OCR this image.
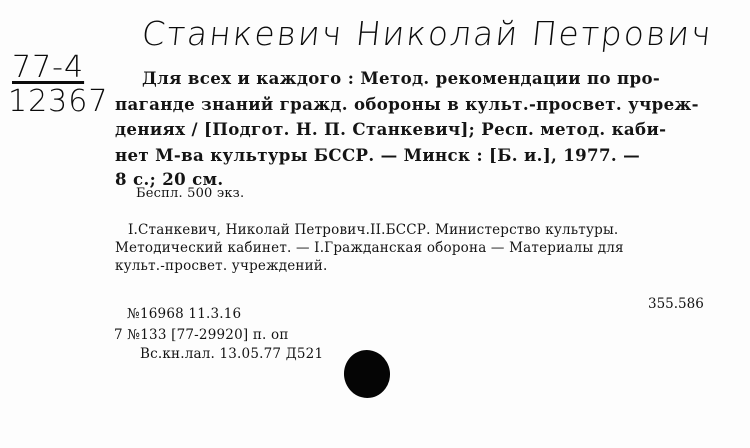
Станкевич Николай Петрович
77-4
12367
Для всех и каждого : Метод. рекомендации по про-
паганде знаний гражд. обороны в культ.-просвет. учреж-
дениях / [Подгот. Н. П. Станкевич]; Респ. метод. каби-
нет М-ва культуры БССР. — Минск : [Б. и.], 1977. —
8 с.; 20 см.
Беспл. 500 экз.
I.Станкевич, Николай Петрович.II.БССР. Министерство культуры.
Методический кабинет. — I.Гражданская оборона — Материалы для
культ.-просвет. учреждений.
355.586
№16968 11.3.16
7 №133 [77-29920] п. оп
Вс.кн.лал. 13.05.77 Д521
